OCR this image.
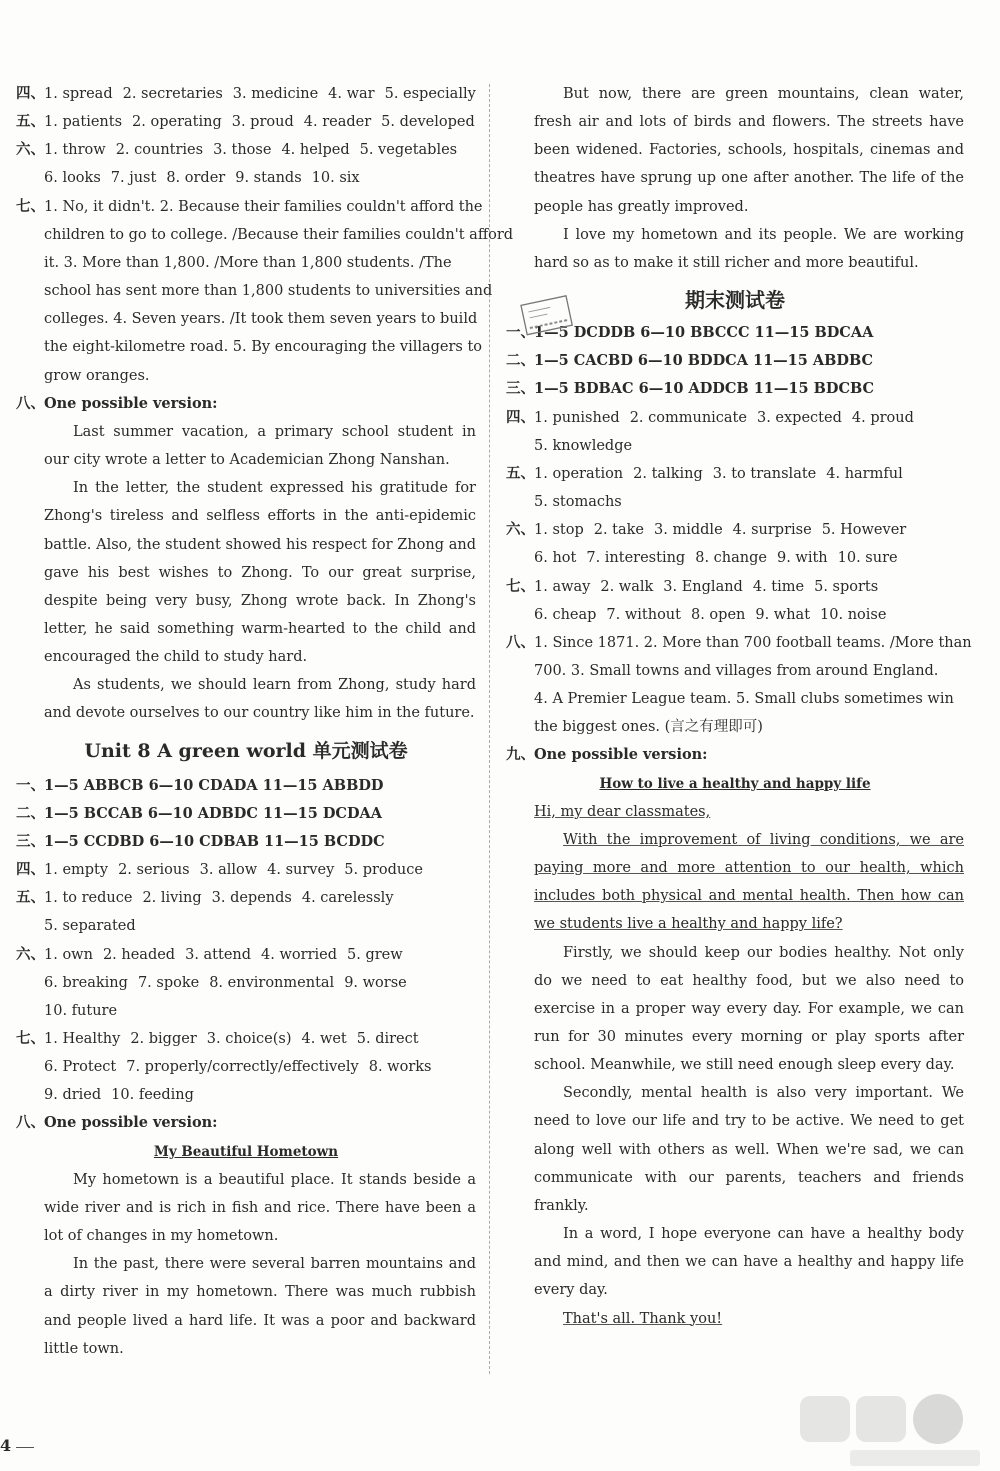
四、1. spread 2. secretaries 3. medicine 4. war 5. especially
五、1. patients 2. operating 3. proud 4. reader 5. developed
六、1. throw 2. countries 3. those 4. helped 5. vegetables
6. looks 7. just 8. order 9. stands 10. six
七、1. No, it didn't. 2. Because their families couldn't afford the
children to go to college. /Because their families couldn't afford
it. 3. More than 1,800. /More than 1,800 students. /The
school has sent more than 1,800 students to universities and
colleges. 4. Seven years. /It took them seven years to build
the eight-kilometre road. 5. By encouraging the villagers to
grow oranges.
八、One possible version:
Last summer vacation, a primary school student in our city wrote a letter to Academician Zhong Nanshan.
In the letter, the student expressed his gratitude for Zhong's tireless and selfless efforts in the anti-epidemic battle. Also, the student showed his respect for Zhong and gave his best wishes to Zhong. To our great surprise, despite being very busy, Zhong wrote back. In Zhong's letter, he said something warm-hearted to the child and encouraged the child to study hard.
As students, we should learn from Zhong, study hard and devote ourselves to our country like him in the future.
Unit 8 A green world 单元测试卷
一、1—5 ABBCB 6—10 CDADA 11—15 ABBDD
二、1—5 BCCAB 6—10 ADBDC 11—15 DCDAA
三、1—5 CCDBD 6—10 CDBAB 11—15 BCDDC
四、1. empty 2. serious 3. allow 4. survey 5. produce
五、1. to reduce 2. living 3. depends 4. carelessly
5. separated
六、1. own 2. headed 3. attend 4. worried 5. grew
6. breaking 7. spoke 8. environmental 9. worse
10. future
七、1. Healthy 2. bigger 3. choice(s) 4. wet 5. direct
6. Protect 7. properly/correctly/effectively 8. works
9. dried 10. feeding
八、One possible version:
My Beautiful Hometown
My hometown is a beautiful place. It stands beside a wide river and is rich in fish and rice. There have been a lot of changes in my hometown.
In the past, there were several barren mountains and a dirty river in my hometown. There was much rubbish and people lived a hard life. It was a poor and backward little town.
But now, there are green mountains, clean water, fresh air and lots of birds and flowers. The streets have been widened. Factories, schools, hospitals, cinemas and theatres have sprung up one after another. The life of the people has greatly improved.
I love my hometown and its people. We are working hard so as to make it still richer and more beautiful.
期末测试卷
一、1—5 DCDDB 6—10 BBCCC 11—15 BDCAA
二、1—5 CACBD 6—10 BDDCA 11—15 ABDBC
三、1—5 BDBAC 6—10 ADDCB 11—15 BDCBC
四、1. punished 2. communicate 3. expected 4. proud
5. knowledge
五、1. operation 2. talking 3. to translate 4. harmful
5. stomachs
六、1. stop 2. take 3. middle 4. surprise 5. However
6. hot 7. interesting 8. change 9. with 10. sure
七、1. away 2. walk 3. England 4. time 5. sports
6. cheap 7. without 8. open 9. what 10. noise
八、1. Since 1871. 2. More than 700 football teams. /More than
700. 3. Small towns and villages from around England.
4. A Premier League team. 5. Small clubs sometimes win
the biggest ones. (言之有理即可)
九、One possible version:
How to live a healthy and happy life
Hi, my dear classmates,
With the improvement of living conditions, we are paying more and more attention to our health, which includes both physical and mental health. Then how can we students live a healthy and happy life?
Firstly, we should keep our bodies healthy. Not only do we need to eat healthy food, but we also need to exercise in a proper way every day. For example, we can run for 30 minutes every morning or play sports after school. Meanwhile, we still need enough sleep every day.
Secondly, mental health is also very important. We need to love our life and try to be active. We need to get along well with others as well. When we're sad, we can communicate with our parents, teachers and friends frankly.
In a word, I hope everyone can have a healthy body and mind, and then we can have a healthy and happy life every day.
That's all. Thank you!
4
